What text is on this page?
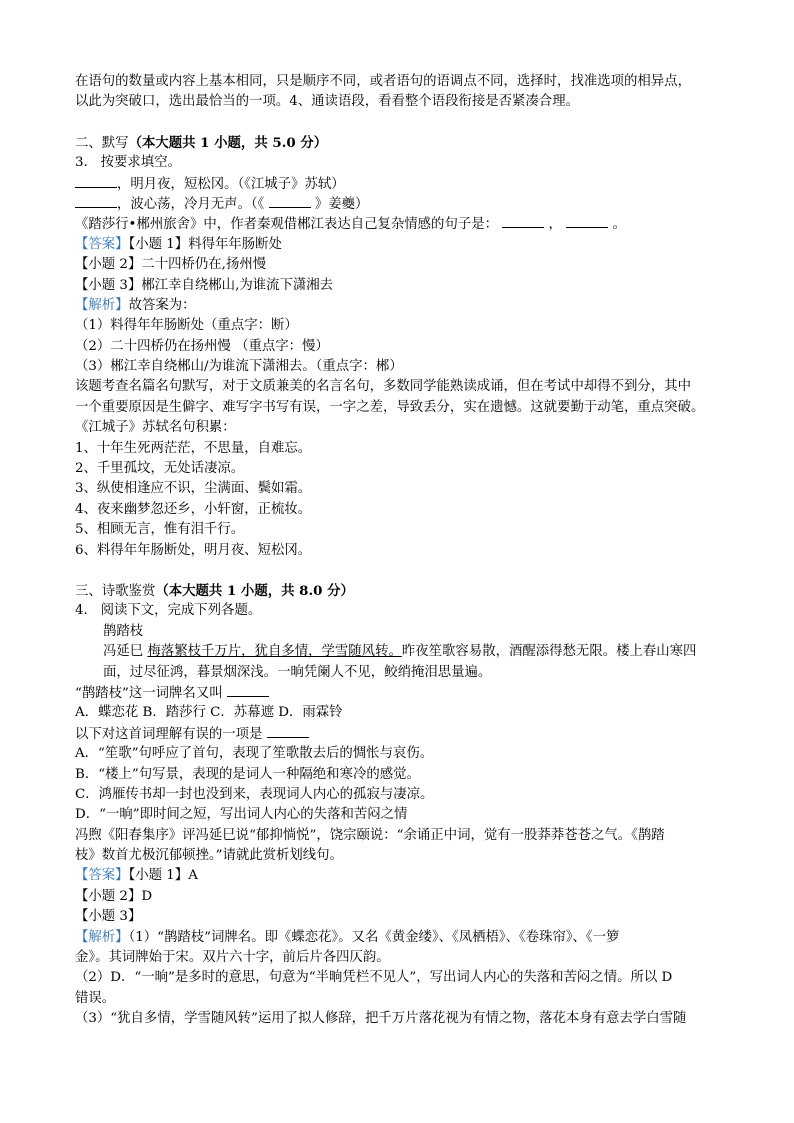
在语句的数量或内容上基本相同，只是顺序不同，或者语句的语调点不同，选择时，找准选项的相异点，
以此为突破口，选出最恰当的一项。4、通读语段，看看整个语段衔接是否紧凑合理。
二、默写（本大题共 1 小题，共 5.0 分）
3. 按要求填空。
，明月夜，短松冈。（《江城子》苏轼）
，波心荡，冷月无声。（《	》姜夔）
《踏莎行•郴州旅舍》中，作者秦观借郴江表达自己复杂情感的句子是：	，	。
【答案】【小题 1】料得年年肠断处
【小题 2】二十四桥仍在,扬州慢
【小题 3】郴江幸自绕郴山,为谁流下潇湘去
【解析】故答案为：
（1）料得年年肠断处（重点字：断）
（2）二十四桥仍在扬州慢 （重点字：慢）
（3）郴江幸自绕郴山/为谁流下潇湘去。（重点字：郴）
该题考查名篇名句默写，对于文质兼美的名言名句，多数同学能熟读成诵，但在考试中却得不到分，其中
一个重要原因是生僻字、难写字书写有误，一字之差，导致丢分，实在遗憾。这就要勤于动笔，重点突破。
《江城子》苏轼名句积累：
1、十年生死两茫茫，不思量，自难忘。
2、千里孤坟，无处话凄凉。
3、纵使相逢应不识，尘满面、鬓如霜。
4、夜来幽梦忽还乡，小轩窗，正梳妆。
5、相顾无言，惟有泪千行。
6、料得年年肠断处，明月夜、短松冈。
三、诗歌鉴赏（本大题共 1 小题，共 8.0 分）
4. 阅读下文，完成下列各题。
鹊踏枝
冯延巳 梅落繁枝千万片，犹自多情，学雪随风转。昨夜笙歌容易散，酒醒添得愁无限。楼上春山寒四
面，过尽征鸿，暮景烟深浅。一晌凭阑人不见，鲛绡掩泪思量遍。
“鹊踏枝”这一词牌名又叫
A．蝶恋花 B．踏莎行 C．苏幕遮 D．雨霖铃
以下对这首词理解有误的一项是
A．“笙歌”句呼应了首句，表现了笙歌散去后的惆怅与哀伤。
B．“楼上”句写景，表现的是词人一种隔绝和寒冷的感觉。
C．鸿雁传书却一封也没到来，表现词人内心的孤寂与凄凉。
D．“一晌”即时间之短，写出词人内心的失落和苦闷之情
冯煦《阳春集序》评冯延巳说“郁抑惝悦”，饶宗颐说：“余诵正中词，觉有一股莽莽苍苍之气。《鹊踏
枝》数首尤极沉郁顿挫。”请就此赏析划线句。
【答案】【小题 1】A
【小题 2】D
【小题 3】
【解析】（1）“鹊踏枝”词牌名。即《蝶恋花》。又名《黄金缕》、《凤栖梧》、《卷珠帘》、《一箩
金》。其词牌始于宋。双片六十字，前后片各四仄韵。
（2）D．“一晌”是多时的意思，句意为“半晌凭栏不见人”，写出词人内心的失落和苦闷之情。所以 D
错误。
（3）“犹自多情，学雪随风转”运用了拟人修辞，把千万片落花视为有情之物，落花本身有意去学白雪随
